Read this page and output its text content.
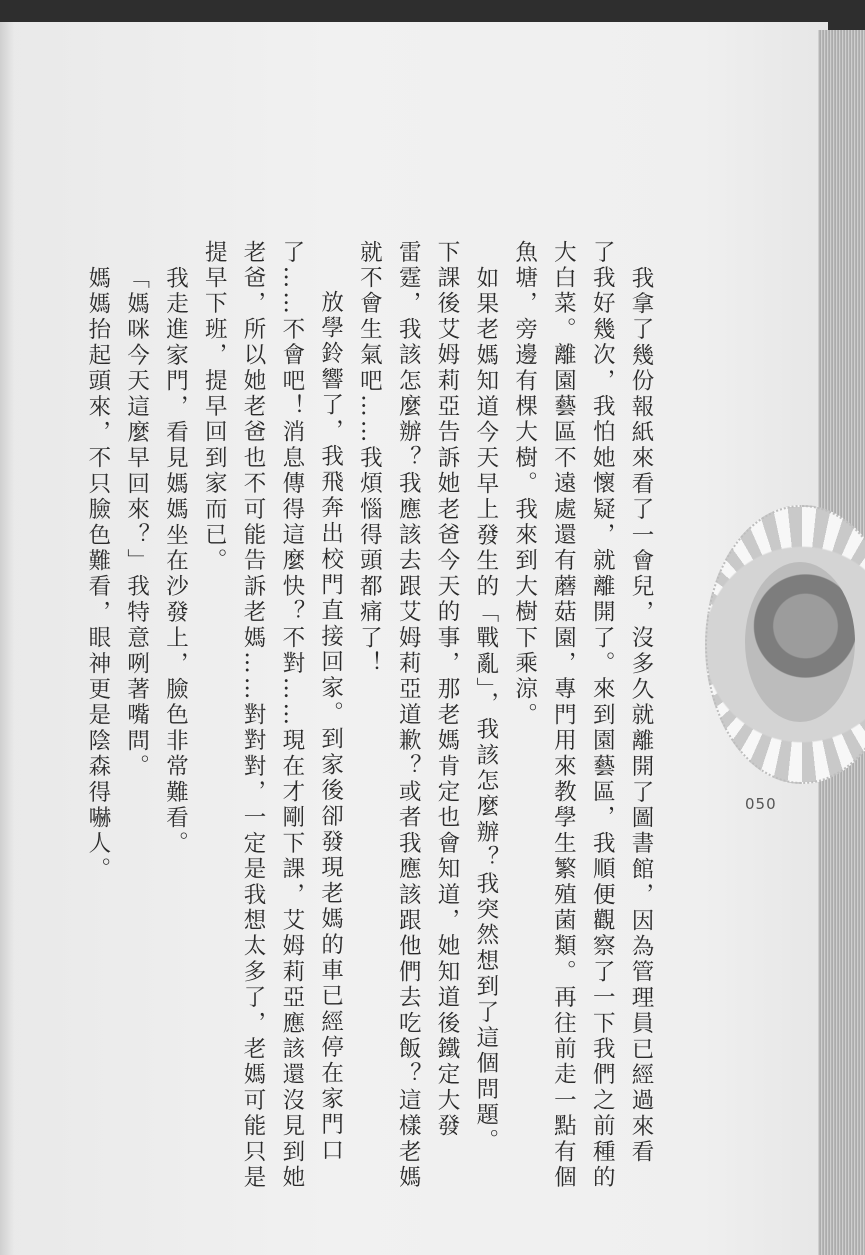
050

我拿了幾份報紙來看了一會兒，沒多久就離開了圖書館，因為管理員已經過來看

了我好幾次，我怕她懷疑，就離開了。來到園藝區，我順便觀察了一下我們之前種的

大白菜。離園藝區不遠處還有蘑菇園，專門用來教學生繁殖菌類。再往前走一點有個

魚塘，旁邊有棵大樹。我來到大樹下乘涼。

如果老媽知道今天早上發生的「戰亂」，我該怎麼辦？我突然想到了這個問題。

下課後艾姆莉亞告訴她老爸今天的事，那老媽肯定也會知道，她知道後鐵定大發

雷霆，我該怎麼辦？我應該去跟艾姆莉亞道歉？或者我應該跟他們去吃飯？這樣老媽

就不會生氣吧……我煩惱得頭都痛了！

放學鈴響了，我飛奔出校門直接回家。到家後卻發現老媽的車已經停在家門口

了……不會吧！消息傳得這麼快？不對……現在才剛下課，艾姆莉亞應該還沒見到她

老爸，所以她老爸也不可能告訴老媽……對對對，一定是我想太多了，老媽可能只是

提早下班，提早回到家而已。

我走進家門，看見媽媽坐在沙發上，臉色非常難看。

「媽咪今天這麼早回來？」我特意咧著嘴問。

媽媽抬起頭來，不只臉色難看，眼神更是陰森得嚇人。
